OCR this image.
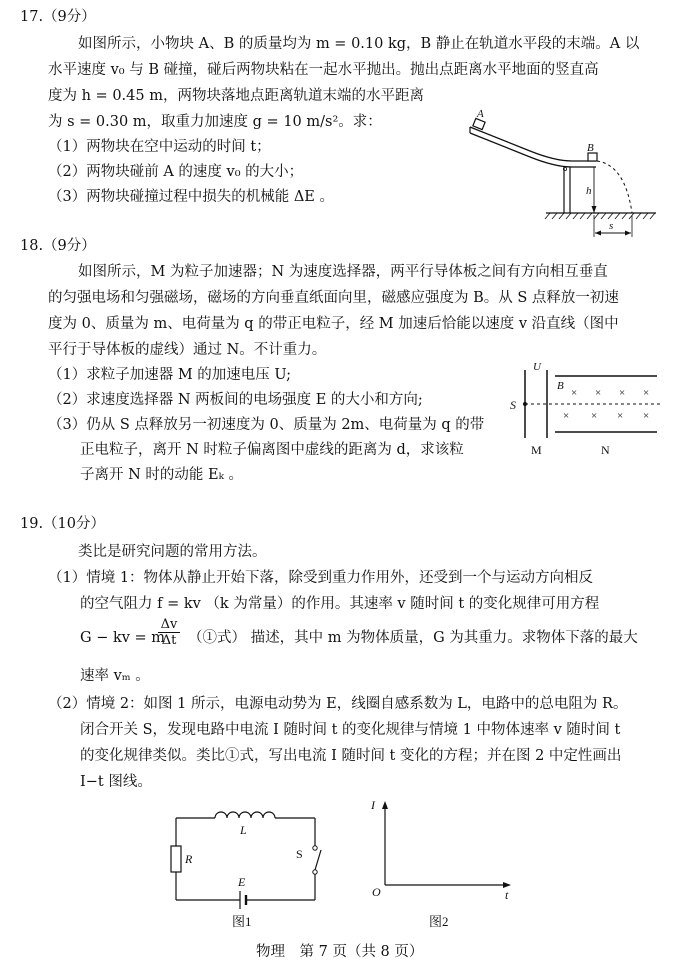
17.（9分）
如图所示，小物块 A、B 的质量均为 m = 0.10 kg，B 静止在轨道水平段的末端。A 以
水平速度 v₀ 与 B 碰撞，碰后两物块粘在一起水平抛出。抛出点距离水平地面的竖直高
度为 h = 0.45 m，两物块落地点距离轨道末端的水平距离
为 s = 0.30 m，取重力加速度 g = 10 m/s²。求：
（1）两物块在空中运动的时间 t；
（2）两物块碰前 A 的速度 v₀ 的大小；
（3）两物块碰撞过程中损失的机械能 ΔE 。
A
B
h
s
18.（9分）
如图所示，M 为粒子加速器；N 为速度选择器，两平行导体板之间有方向相互垂直
的匀强电场和匀强磁场，磁场的方向垂直纸面向里，磁感应强度为 B。从 S 点释放一初速
度为 0、质量为 m、电荷量为 q 的带正电粒子，经 M 加速后恰能以速度 v 沿直线（图中
平行于导体板的虚线）通过 N。不计重力。
（1）求粒子加速器 M 的加速电压 U;
（2）求速度选择器 N 两板间的电场强度 E 的大小和方向;
（3）仍从 S 点释放另一初速度为 0、质量为 2m、电荷量为 q 的带
正电粒子，离开 N 时粒子偏离图中虚线的距离为 d，求该粒
子离开 N 时的动能 Eₖ 。
U
S
B
× × × ×
× × × ×
M	N
19.（10分）
类比是研究问题的常用方法。
（1）情境 1：物体从静止开始下落，除受到重力作用外，还受到一个与运动方向相反
的空气阻力 f = kv （k 为常量）的作用。其速率 v 随时间 t 的变化规律可用方程
G − kv = m
$\frac{\Delta v}{\Delta t}$ （①式） 描述，其中 m 为物体质量，G 为其重力。求物体下落的最大
速率 vₘ 。
（2）情境 2：如图 1 所示，电源电动势为 E，线圈自感系数为 L，电路中的总电阻为 R。
闭合开关 S，发现电路中电流 I 随时间 t 的变化规律与情境 1 中物体速率 v 随时间 t
的变化规律类似。类比①式，写出电流 I 随时间 t 变化的方程；并在图 2 中定性画出
I−t 图线。
L
R
E
S
图1
I
t
O
图2
物理　第 7 页（共 8 页）
